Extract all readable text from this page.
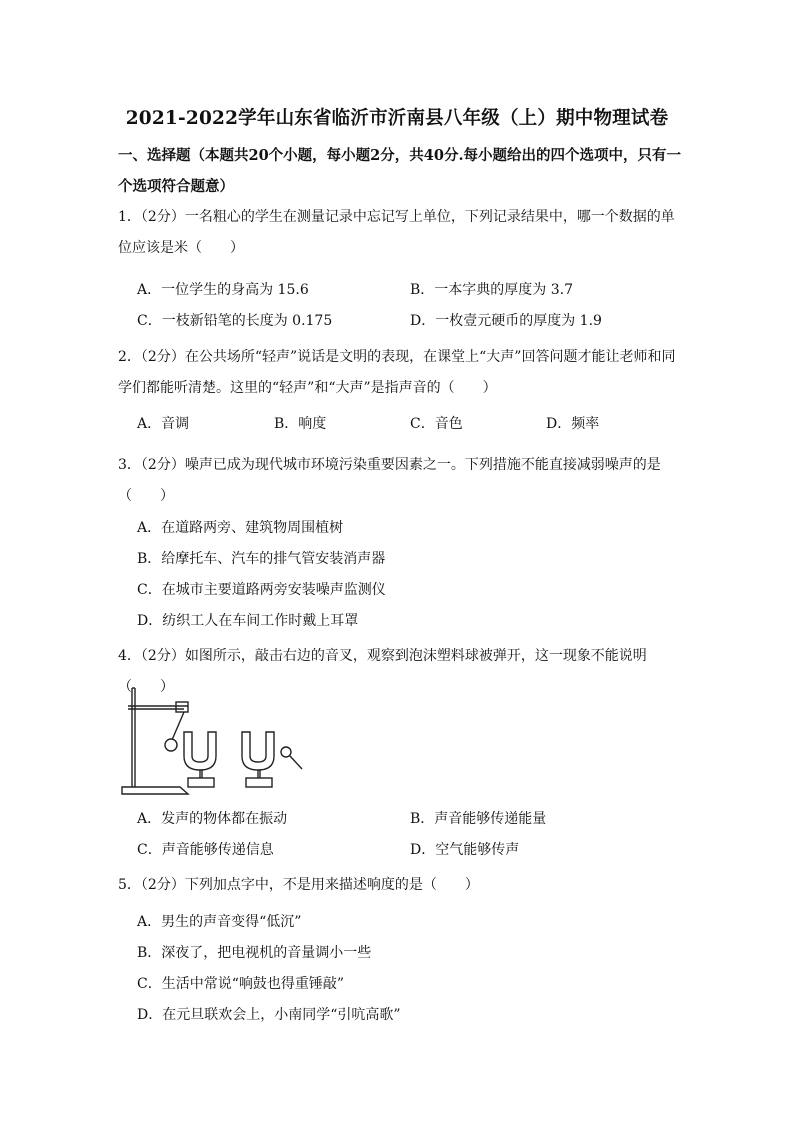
2021-2022学年山东省临沂市沂南县八年级（上）期中物理试卷
一、选择题（本题共20个小题，每小题2分，共40分.每小题给出的四个选项中，只有一个选项符合题意）
1．（2分）一名粗心的学生在测量记录中忘记写上单位，下列记录结果中，哪一个数据的单位应该是米（　　）
A．一位学生的身高为 15.6	B．一本字典的厚度为 3.7
C．一枝新铅笔的长度为 0.175	D．一枚壹元硬币的厚度为 1.9
2．（2分）在公共场所“轻声”说话是文明的表现，在课堂上“大声”回答问题才能让老师和同学们都能听清楚。这里的“轻声”和“大声”是指声音的（　　）
A．音调	B．响度	C．音色	D．频率
3．（2分）噪声已成为现代城市环境污染重要因素之一。下列措施不能直接减弱噪声的是（　　）
A．在道路两旁、建筑物周围植树
B．给摩托车、汽车的排气管安装消声器
C．在城市主要道路两旁安装噪声监测仪
D．纺织工人在车间工作时戴上耳罩
4．（2分）如图所示，敲击右边的音叉，观察到泡沫塑料球被弹开，这一现象不能说明（　　）
A．发声的物体都在振动	B．声音能够传递能量
C．声音能够传递信息	D．空气能够传声
5．（2分）下列加点字中，不是用来描述响度的是（　　）
A．男生的声音变得“低沉”
B．深夜了，把电视机的音量调小一些
C．生活中常说“响鼓也得重锤敲”
D．在元旦联欢会上，小南同学“引吭高歌”
